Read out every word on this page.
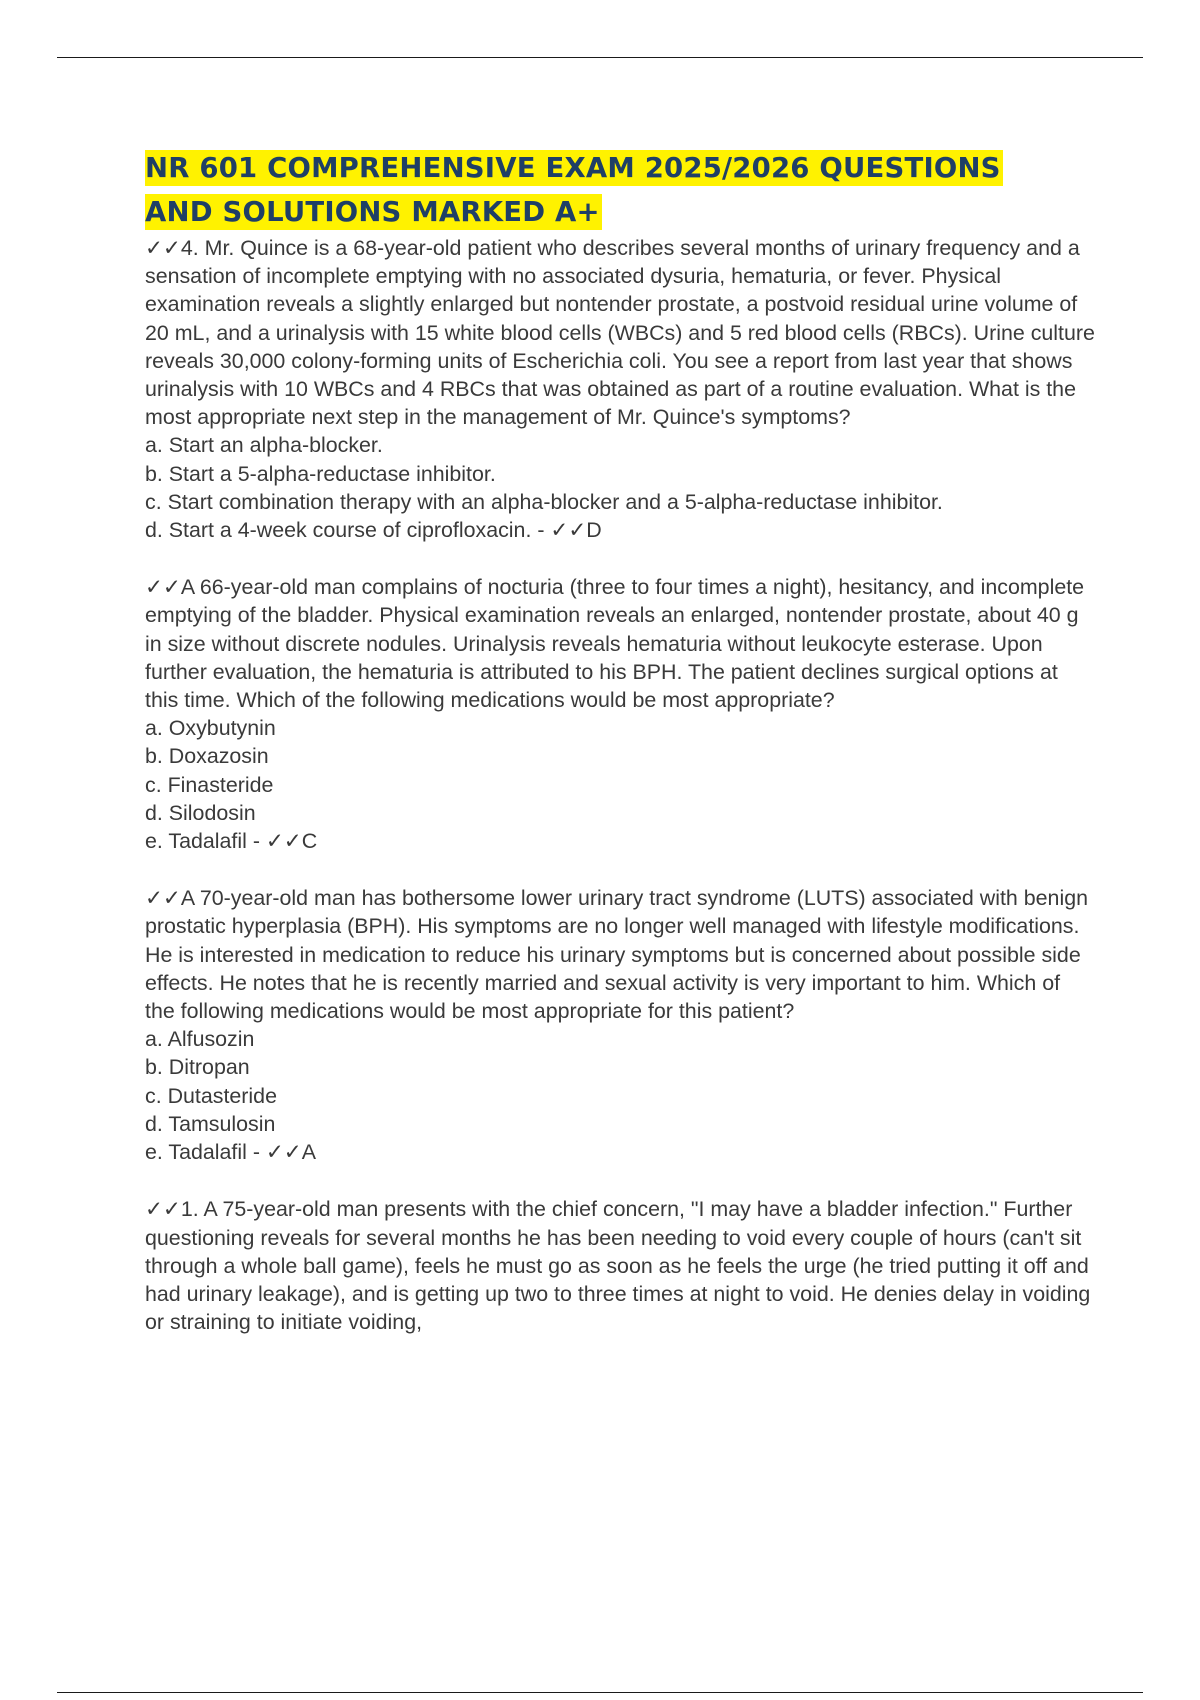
NR 601 COMPREHENSIVE EXAM 2025/2026 QUESTIONS
AND SOLUTIONS MARKED A+

✓✓4. Mr. Quince is a 68-year-old patient who describes several months of urinary frequency and a sensation of incomplete emptying with no associated dysuria, hematuria, or fever. Physical examination reveals a slightly enlarged but nontender prostate, a postvoid residual urine volume of 20 mL, and a urinalysis with 15 white blood cells (WBCs) and 5 red blood cells (RBCs). Urine culture reveals 30,000 colony-forming units of Escherichia coli. You see a report from last year that shows urinalysis with 10 WBCs and 4 RBCs that was obtained as part of a routine evaluation. What is the most appropriate next step in the management of Mr. Quince's symptoms?

a. Start an alpha-blocker.
b. Start a 5-alpha-reductase inhibitor.
c. Start combination therapy with an alpha-blocker and a 5-alpha-reductase inhibitor.
d. Start a 4-week course of ciprofloxacin. - ✓✓D

✓✓A 66-year-old man complains of nocturia (three to four times a night), hesitancy, and incomplete emptying of the bladder. Physical examination reveals an enlarged, nontender prostate, about 40 g in size without discrete nodules. Urinalysis reveals hematuria without leukocyte esterase. Upon further evaluation, the hematuria is attributed to his BPH. The patient declines surgical options at this time. Which of the following medications would be most appropriate?

a. Oxybutynin
b. Doxazosin
c. Finasteride
d. Silodosin
e. Tadalafil - ✓✓C

✓✓A 70-year-old man has bothersome lower urinary tract syndrome (LUTS) associated with benign prostatic hyperplasia (BPH). His symptoms are no longer well managed with lifestyle modifications. He is interested in medication to reduce his urinary symptoms but is concerned about possible side effects. He notes that he is recently married and sexual activity is very important to him. Which of the following medications would be most appropriate for this patient?

a. Alfusozin
b. Ditropan
c. Dutasteride
d. Tamsulosin
e. Tadalafil - ✓✓A

✓✓1. A 75-year-old man presents with the chief concern, "I may have a bladder infection." Further questioning reveals for several months he has been needing to void every couple of hours (can't sit through a whole ball game), feels he must go as soon as he feels the urge (he tried putting it off and had urinary leakage), and is getting up two to three times at night to void. He denies delay in voiding or straining to initiate voiding,
